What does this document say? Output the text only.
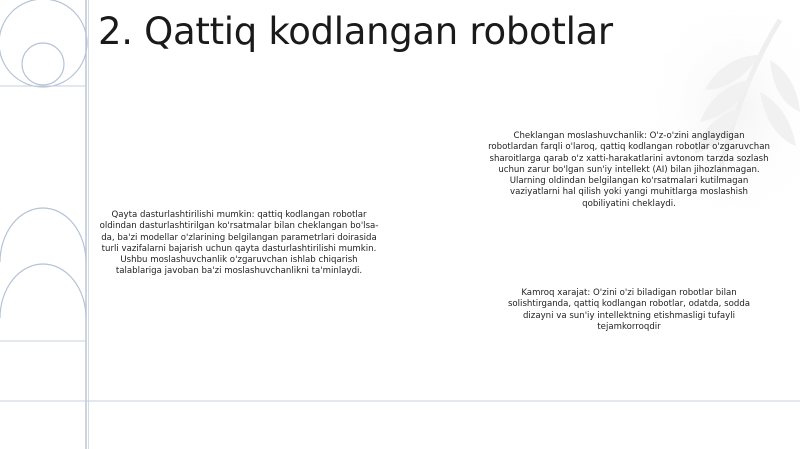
2. Qattiq kodlangan robotlar
Qayta dasturlashtirilishi mumkin: qattiq kodlangan robotlar oldindan dasturlashtirilgan ko'rsatmalar bilan cheklangan bo'lsa-da, ba'zi modellar o'zlarining belgilangan parametrlari doirasida turli vazifalarni bajarish uchun qayta dasturlashtirilishi mumkin. Ushbu moslashuvchanlik o'zgaruvchan ishlab chiqarish talablariga javoban ba'zi moslashuvchanlikni ta'minlaydi.
Cheklangan moslashuvchanlik: O'z-o'zini anglaydigan robotlardan farqli o'laroq, qattiq kodlangan robotlar o'zgaruvchan sharoitlarga qarab o'z xatti-harakatlarini avtonom tarzda sozlash uchun zarur bo'lgan sun'iy intellekt (AI) bilan jihozlanmagan. Ularning oldindan belgilangan ko'rsatmalari kutilmagan vaziyatlarni hal qilish yoki yangi muhitlarga moslashish qobiliyatini cheklaydi.
Kamroq xarajat: O'zini o'zi biladigan robotlar bilan solishtirganda, qattiq kodlangan robotlar, odatda, sodda dizayni va sun'iy intellektning etishmasligi tufayli tejamkorroqdir
